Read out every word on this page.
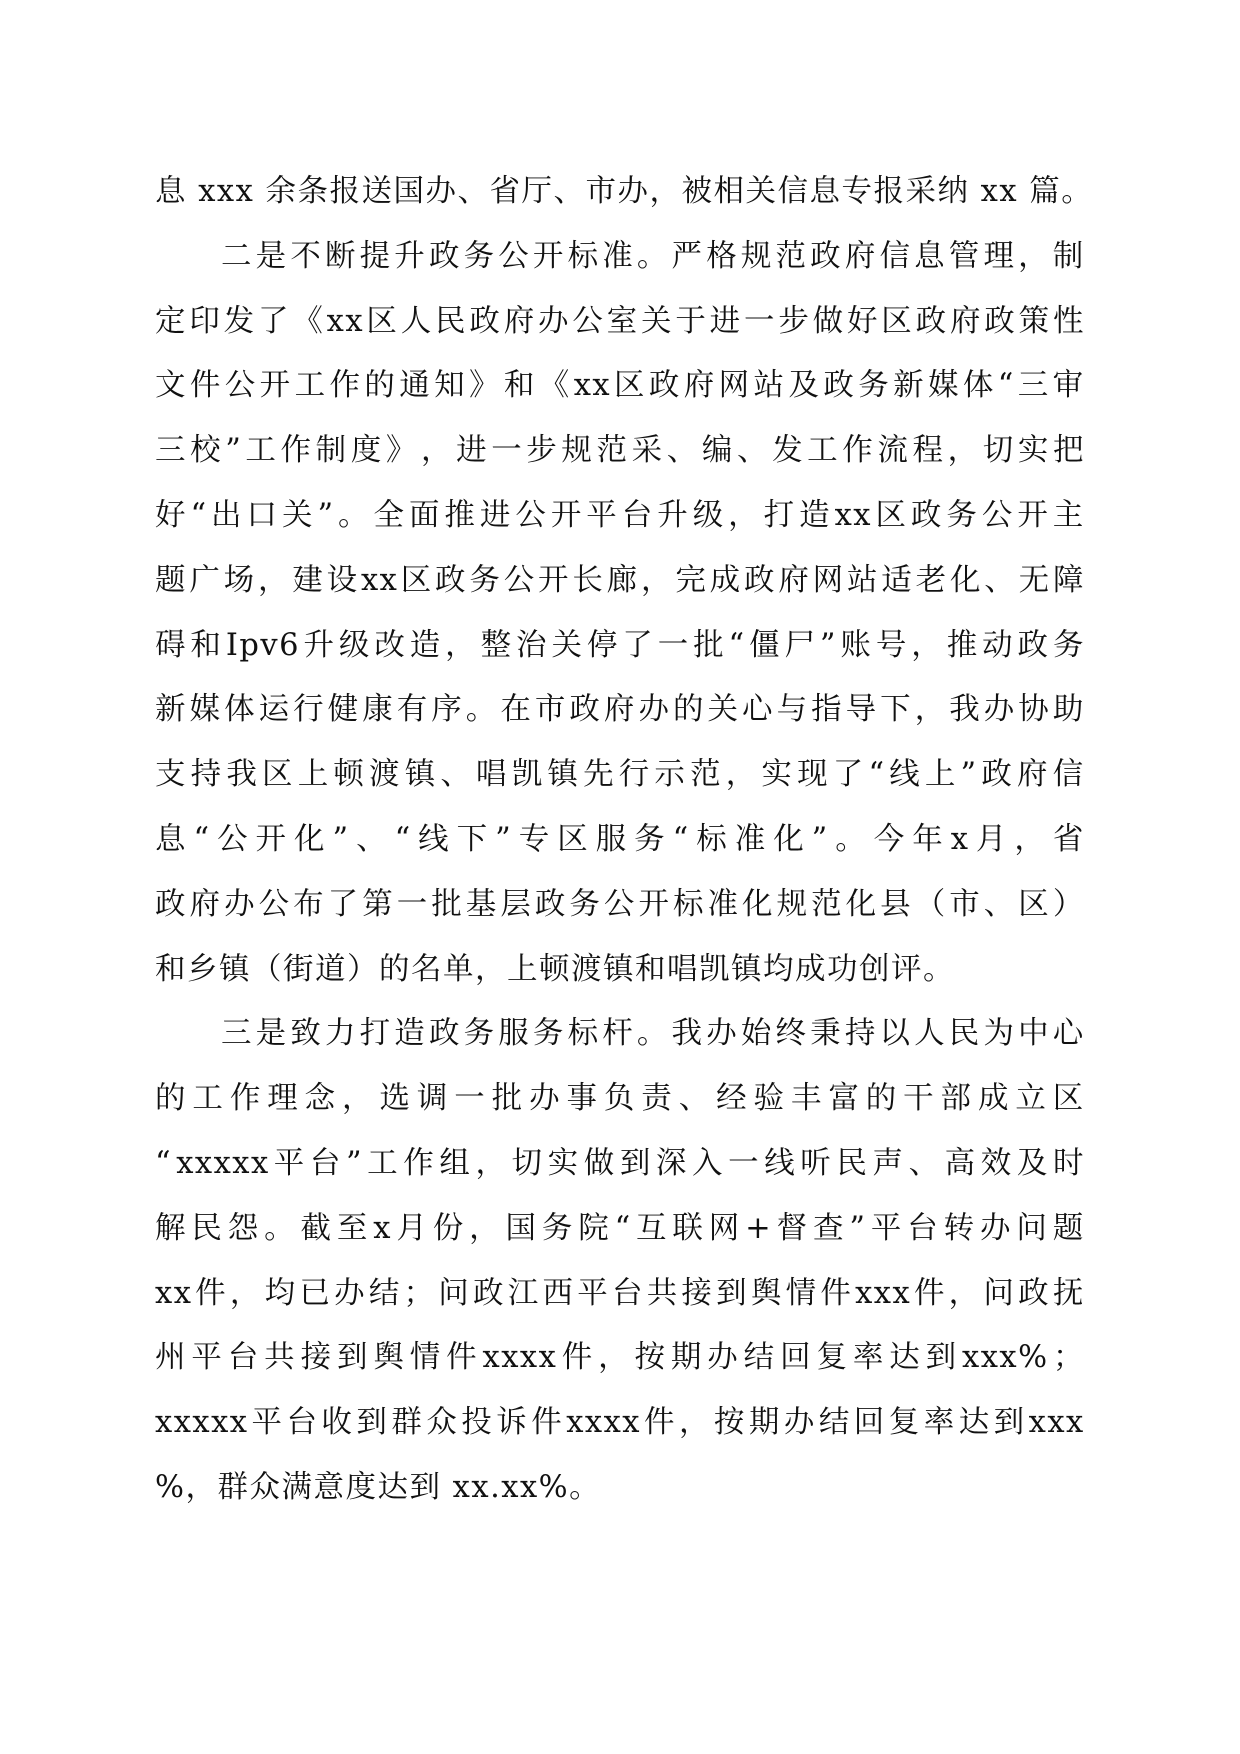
息 xxx 余条报送国办、省厅、市办，被相关信息专报采纳 xx 篇。
二 是 不 断 提 升 政 务 公 开 标 准 。 严 格 规 范 政 府 信 息 管 理 ， 制
定 印 发 了 《 xx 区 人 民 政 府 办 公 室 关 于 进 一 步 做 好 区 政 府 政 策 性
文 件 公 开 工 作 的 通 知 》 和 《 xx 区 政 府 网 站 及 政 务 新 媒 体 “ 三 审
三 校 ” 工 作 制 度 》 ， 进 一 步 规 范 采 、 编 、 发 工 作 流 程 ， 切 实 把
好 “ 出 口 关 ” 。 全 面 推 进 公 开 平 台 升 级 ， 打 造 xx 区 政 务 公 开 主
题 广 场 ， 建 设 xx 区 政 务 公 开 长 廊 ， 完 成 政 府 网 站 适 老 化 、 无 障
碍 和 Ipv6 升 级 改 造 ， 整 治 关 停 了 一 批 “ 僵 尸 ” 账 号 ， 推 动 政 务
新 媒 体 运 行 健 康 有 序 。 在 市 政 府 办 的 关 心 与 指 导 下 ， 我 办 协 助
支 持 我 区 上 顿 渡 镇 、 唱 凯 镇 先 行 示 范 ， 实 现 了 “ 线 上 ” 政 府 信
息 “ 公 开 化 ” 、 “ 线 下 ” 专 区 服 务 “ 标 准 化 ” 。 今 年 x 月 ， 省
政 府 办 公 布 了 第 一 批 基 层 政 务 公 开 标 准 化 规 范 化 县 （ 市 、 区 ）
和乡镇（街道）的名单，上顿渡镇和唱凯镇均成功创评。
三 是 致 力 打 造 政 务 服 务 标 杆 。 我 办 始 终 秉 持 以 人 民 为 中 心
的 工 作 理 念 ， 选 调 一 批 办 事 负 责 、 经 验 丰 富 的 干 部 成 立 区
“ xxxxx 平 台 ” 工 作 组 ， 切 实 做 到 深 入 一 线 听 民 声 、 高 效 及 时
解 民 怨 。 截 至 x 月 份 ， 国 务 院 “ 互 联 网 + 督 查 ” 平 台 转 办 问 题
xx 件 ， 均 已 办 结 ； 问 政 江 西 平 台 共 接 到 舆 情 件 xxx 件 ， 问 政 抚
州 平 台 共 接 到 舆 情 件 xxxx 件 ， 按 期 办 结 回 复 率 达 到 xxx% ；
xxxxx 平 台 收 到 群 众 投 诉 件 xxxx 件 ， 按 期 办 结 回 复 率 达 到 xxx
%，群众满意度达到 xx.xx%。
